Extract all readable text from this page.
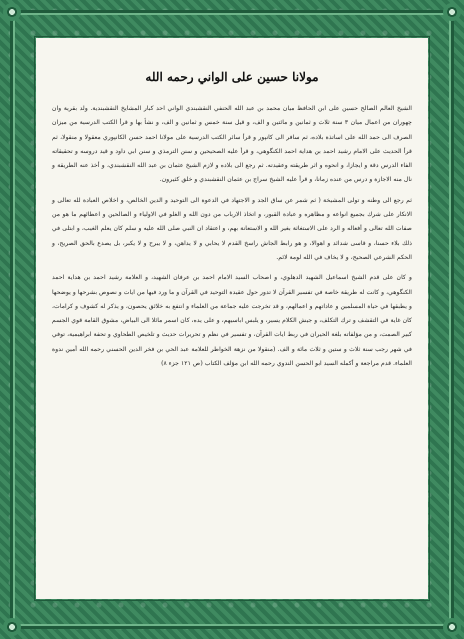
مولانا حسين على الواني رحمه الله

الشيخ العالم الصالح حسين على ابن الحافظ ميان محمد بن عبد الله الحنفي النقشبندي الواني احد كبار المشايخ النقشبندية. ولد بقرية وان چهوران من اعمال ميان ٣ سنة ثلاث و ثمانين و مائتين و الف، و قيل سنة خمس و ثمانين و الف، و نشأ بها و قرأ الكتب الدرسية من ميزان الصرف الى حمد الله على اساتذة بلاده، ثم سافر الى كانپور و قرأ سائر الكتب الدرسية على مولانا احمد حسن الكانپوري معقولا و منقولا، ثم قرأ الحديث على الامام رشيد احمد بن هداية احمد الكنگوهي، و قرأ عليه الصحيحين و سنن الترمذي و سنن ابي داود و قيد دروسه و تحقيقاته الفاء الدرس دقة و ايجازا، و انحوه و اثر طريقته وعقيدته. ثم رجع الى بلاده و لازم الشيخ عثمان بن عبد الله النقشبندي، و أخذ عنه الطريقة و نال منه الاجازة و درس من عنده زمانا، و قرأ عليه الشيخ سراج بن عثمان النقشبندي و خلق كثيرون.

ثم رجع الى وطنه و تولى المشيخة ( ثم شمر عن ساق الجد و الاجتهاد في الدعوة الى التوحيد و الدين الخالص، و اخلاص العبادة لله تعالى و الانكار على شرك بجميع انواعه و مظاهره و عبادة القبور، و اتخاذ الارباب من دون الله و الغلو في الاولياء و الصالحين و اعطائهم ما هو من صفات الله تعالى و أفعاله و الرد على الاستغاثة بغير الله و الاستعانة بهم، و اعتقاد ان النبي صلى الله عليه و سلم كان يعلم الغيب، و ابتلى في ذلك بلاء حسنا، و قاسى شدائد و اهوالا، و هو رابط الجاش راسخ القدم لا يحابي و لا يداهن، و لا يبرح و لا يكبر، بل يصدع بالحق الصريح، و الحكم الشرعي الصحيح، و لا يخاف في الله لومة لائم.

و كان على قدم الشيخ اسماعيل الشهيد الدهلوي، و اصحاب السيد الامام احمد بن عرفان الشهيد، و العلامة رشيد احمد بن هداية احمد الكنگوهي، و كانت له طريقة خاصة في تفسير القرآن لا تدور حول عقيدة التوحيد في القرآن و ما ورد فيها من ايات و نصوص بشرحها و يوضحها و يطبقها في حياة المسلمين و عاداتهم و اعمالهم، و قد تخرجت عليه جماعة من العلماء و انتفع به خلائق يحصون، و يذكر له كشوف و كرامات، كان غاية في التقشف و ترك التكلف، و جيش الكلام يسير، و يلبس اباسيهم، و على يده، كان اسمر مائلا الى البياض، مشوق القامة قوي الجسم كبير الصمت، و من مؤلفاته بلغة الحيران في ربط ايات القرآن، و تفسير في نظم و تحريرات حديث و تلخيص الطحاوي و تحفة ابراهيمية، توفي في شهر رجب سنة ثلاث و ستين و ثلاث مائة و الف. (منقولا من نزهة الخواطر للعلامة عبد الحي بن فخر الدين الحسني رحمه الله أمين ندوة العلماء. قدم مراجعة و أكمله السيد ابو الحسن الندوي رحمه الله ابن مؤلف الكتاب (ص ١٢١ جزء ٨)
